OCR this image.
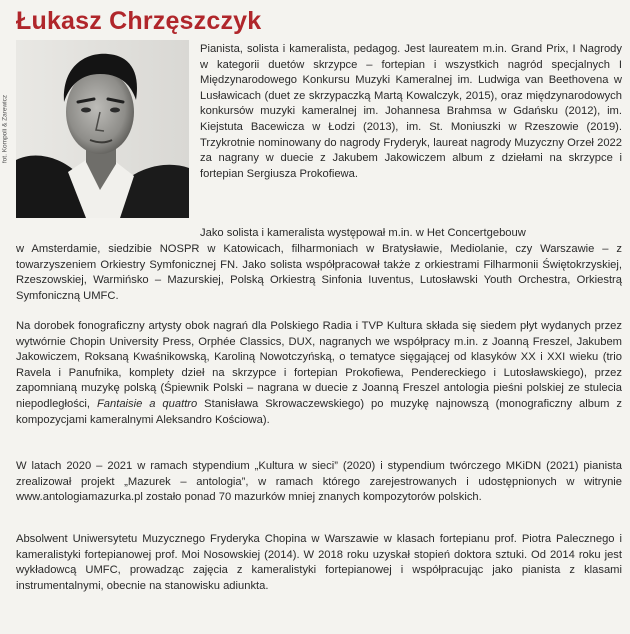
Łukasz Chrzęszczyk
fot. Kompoli & Zarewicz

Pianista, solista i kameralista, pedagog. Jest laureatem m.in. Grand Prix, I Nagrody w kategorii duetów skrzypce – fortepian i wszystkich nagród specjalnych I Międzynarodowego Konkursu Muzyki Kameralnej im. Ludwiga van Beethovena w Lusławicach (duet ze skrzypaczką Martą Kowalczyk, 2015), oraz międzynarodowych konkursów muzyki kameralnej im. Johannesa Brahmsa w Gdańsku (2012), im. Kiejstuta Bacewicza w Łodzi (2013), im. St. Moniuszki w Rzeszowie (2019). Trzykrotnie nominowany do nagrody Fryderyk, laureat nagrody Muzyczny Orzeł 2022 za nagrany w duecie z Jakubem Jakowiczem album z dziełami na skrzypce i fortepian Sergiusza Prokofiewa.

Jako solista i kameralista występował m.in. w Het Concertgebouw

w Amsterdamie, siedzibie NOSPR w Katowicach, filharmoniach w Bratysławie, Mediolanie, czy Warszawie – z towarzyszeniem Orkiestry Symfonicznej FN. Jako solista współpracował także z orkiestrami Filharmonii Świętokrzyskiej, Rzeszowskiej, Warmińsko – Mazurskiej, Polską Orkiestrą Sinfonia Iuventus, Lutosławski Youth Orchestra, Orkiestrą Symfoniczną UMFC.

Na dorobek fonograficzny artysty obok nagrań dla Polskiego Radia i TVP Kultura składa się siedem płyt wydanych przez wytwórnie Chopin University Press, Orphée Classics, DUX, nagranych we współpracy m.in. z Joanną Freszel, Jakubem Jakowiczem, Roksaną Kwaśnikowską, Karoliną Nowotczyńską, o tematyce sięgającej od klasyków XX i XXI wieku (trio Ravela i Panufnika, komplety dzieł na skrzypce i fortepian Prokofiewa, Pendereckiego i Lutosławskiego), przez zapomnianą muzykę polską (Śpiewnik Polski – nagrana w duecie z Joanną Freszel antologia pieśni polskiej ze stulecia niepodległości, Fantaisie a quattro Stanisława Skrowaczewskiego) po muzykę najnowszą (monograficzny album z kompozycjami kameralnymi Aleksandro Kościowa).

W latach 2020 – 2021 w ramach stypendium „Kultura w sieci” (2020) i stypendium twórczego MKiDN (2021) pianista zrealizował projekt „Mazurek – antologia”, w ramach którego zarejestrowanych i udostępnionych w witrynie www.antologiamazurka.pl zostało ponad 70 mazurków mniej znanych kompozytorów polskich.

Absolwent Uniwersytetu Muzycznego Fryderyka Chopina w Warszawie w klasach fortepianu prof. Piotra Palecznego i kameralistyki fortepianowej prof. Moi Nosowskiej (2014). W 2018 roku uzyskał stopień doktora sztuki. Od 2014 roku jest wykładowcą UMFC, prowadząc zajęcia z kameralistyki fortepianowej i współpracując jako pianista z klasami instrumentalnymi, obecnie na stanowisku adiunkta.
